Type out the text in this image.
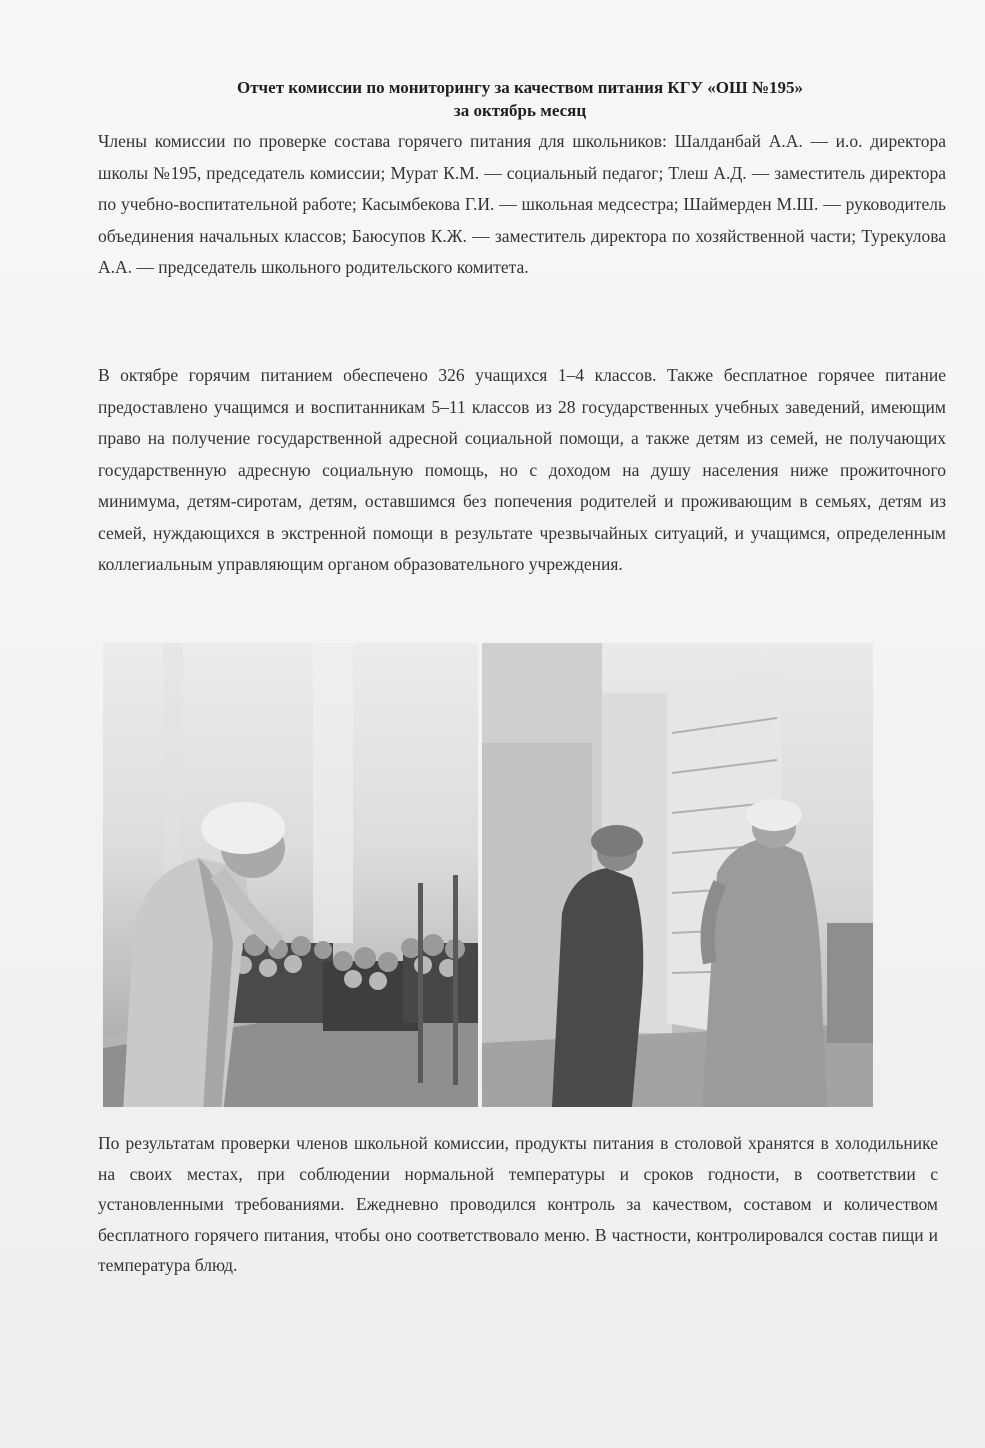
Отчет комиссии по мониторингу за качеством питания КГУ «ОШ №195»
за октябрь месяц
Члены комиссии по проверке состава горячего питания для школьников: Шалданбай А.А. — и.о. директора школы №195, председатель комиссии; Мурат К.М. — социальный педагог; Тлеш А.Д. — заместитель директора по учебно-воспитательной работе; Касымбекова Г.И. — школьная медсестра; Шаймерден М.Ш. — руководитель объединения начальных классов; Баюсупов К.Ж. — заместитель директора по хозяйственной части; Турекулова А.А. — председатель школьного родительского комитета.
В октябре горячим питанием обеспечено 326 учащихся 1–4 классов. Также бесплатное горячее питание предоставлено учащимся и воспитанникам 5–11 классов из 28 государственных учебных заведений, имеющим право на получение государственной адресной социальной помощи, а также детям из семей, не получающих государственную адресную социальную помощь, но с доходом на душу населения ниже прожиточного минимума, детям-сиротам, детям, оставшимся без попечения родителей и проживающим в семьях, детям из семей, нуждающихся в экстренной помощи в результате чрезвычайных ситуаций, и учащимся, определенным коллегиальным управляющим органом образовательного учреждения.
По результатам проверки членов школьной комиссии, продукты питания в столовой хранятся в холодильнике на своих местах, при соблюдении нормальной температуры и сроков годности, в соответствии с установленными требованиями. Ежедневно проводился контроль за качеством, составом и количеством бесплатного горячего питания, чтобы оно соответствовало меню. В частности, контролировался состав пищи и температура блюд.
